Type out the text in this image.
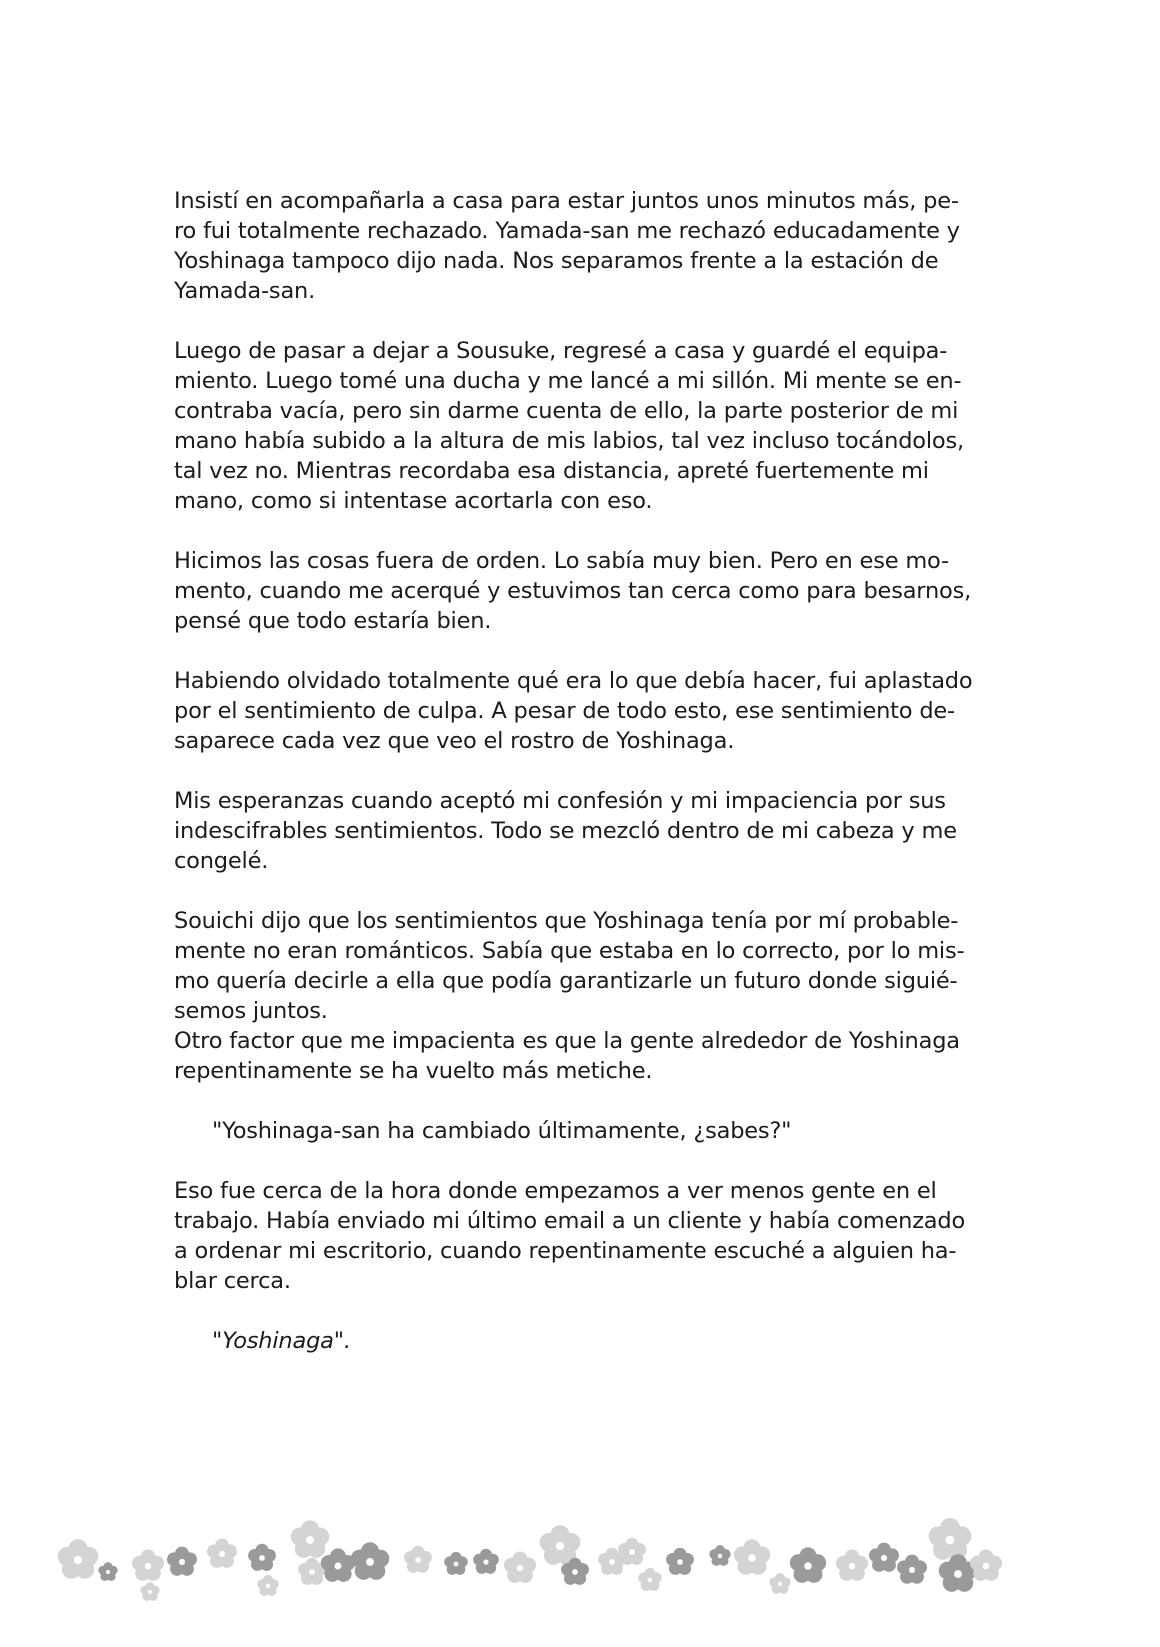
Insistí en acompañarla a casa para estar juntos unos minutos más, pe-
ro fui totalmente rechazado. Yamada-san me rechazó educadamente y
Yoshinaga tampoco dijo nada. Nos separamos frente a la estación de
Yamada-san.
Luego de pasar a dejar a Sousuke, regresé a casa y guardé el equipa-
miento. Luego tomé una ducha y me lancé a mi sillón. Mi mente se en-
contraba vacía, pero sin darme cuenta de ello, la parte posterior de mi
mano había subido a la altura de mis labios, tal vez incluso tocándolos,
tal vez no. Mientras recordaba esa distancia, apreté fuertemente mi
mano, como si intentase acortarla con eso.
Hicimos las cosas fuera de orden. Lo sabía muy bien. Pero en ese mo-
mento, cuando me acerqué y estuvimos tan cerca como para besarnos,
pensé que todo estaría bien.
Habiendo olvidado totalmente qué era lo que debía hacer, fui aplastado
por el sentimiento de culpa. A pesar de todo esto, ese sentimiento de-
saparece cada vez que veo el rostro de Yoshinaga.
Mis esperanzas cuando aceptó mi confesión y mi impaciencia por sus
indescifrables sentimientos. Todo se mezcló dentro de mi cabeza y me
congelé.
Souichi dijo que los sentimientos que Yoshinaga tenía por mí probable-
mente no eran románticos. Sabía que estaba en lo correcto, por lo mis-
mo quería decirle a ella que podía garantizarle un futuro donde siguié-
semos juntos.
Otro factor que me impacienta es que la gente alrededor de Yoshinaga
repentinamente se ha vuelto más metiche.
"Yoshinaga-san ha cambiado últimamente, ¿sabes?"
Eso fue cerca de la hora donde empezamos a ver menos gente en el
trabajo. Había enviado mi último email a un cliente y había comenzado
a ordenar mi escritorio, cuando repentinamente escuché a alguien ha-
blar cerca.
"Yoshinaga".
